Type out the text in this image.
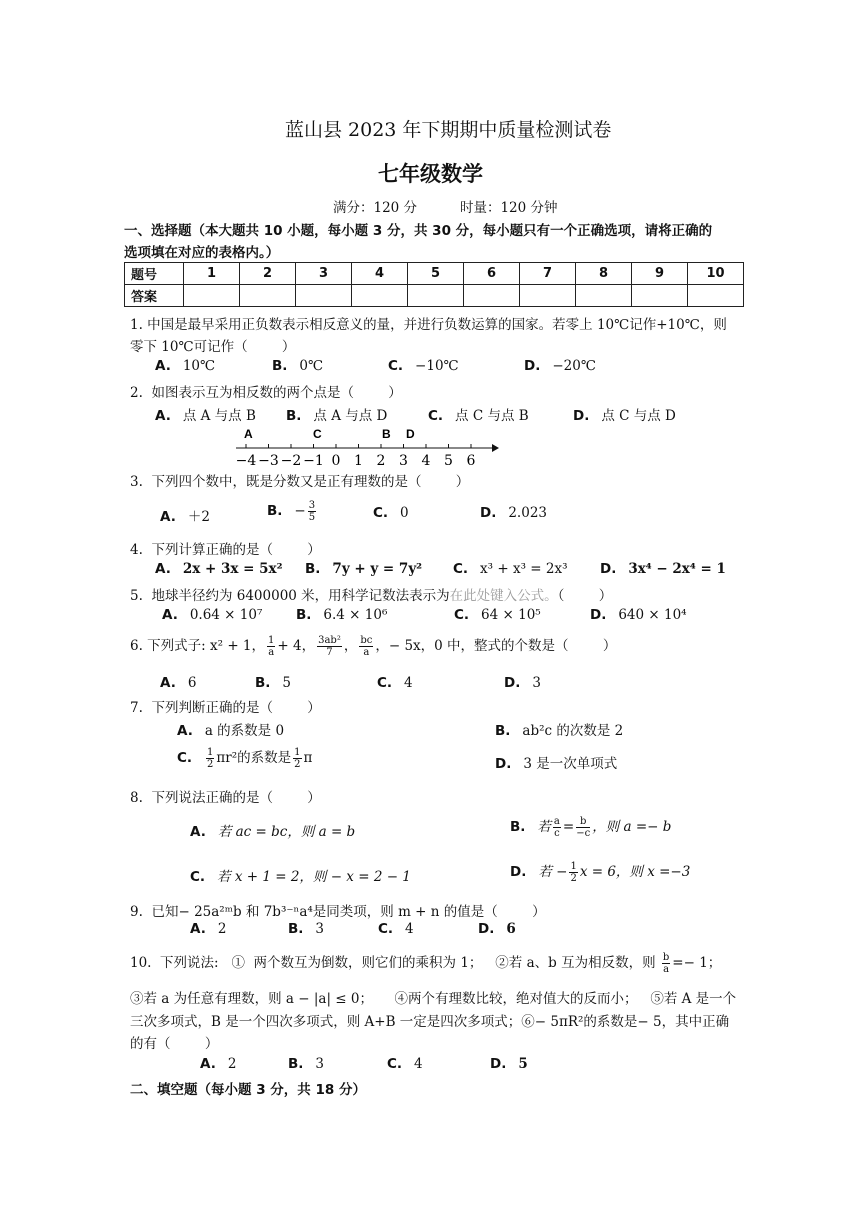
蓝山县 2023 年下期期中质量检测试卷
七年级数学
满分：120 分          时量：120 分钟
一、选择题（本大题共 10 小题，每小题 3 分，共 30 分，每小题只有一个正确选项，请将正确的
选项填在对应的表格内。）
题号	1	2	3	4	5	6	7	8	9	10
答案										
1. 中国是最早采用正负数表示相反意义的量，并进行负数运算的国家。若零上 10℃记作+10℃，则
零下 10℃可记作（        ）
A. 10℃	B. 0℃	C. −10℃	D. −20℃
2.  如图表示互为相反数的两个点是（        ）
A. 点 A 与点 B B. 点 A 与点 D	C. 点 C 与点 B	D. 点 C 与点 D
A	C	B D
−4 −3 −2 −1 0 1 2 3 4 5 6
3.  下列四个数中，既是分数又是正有理数的是（        ）
A. ＋2	B. − $\frac{3}{5}$	C. 0	D. 2.023
4.  下列计算正确的是（        ）
A. 2x + 3x = 5x² B. 7y + y = 7y² C. x³ + x³ = 2x³ D. 3x⁴ − 2x⁴ = 1
5.  地球半径约为 6400000 米，用科学记数法表示为在此处键入公式。（        ）
A. 0.64 × 10⁷ B. 6.4 × 10⁶	C. 64 × 10⁵	D. 640 × 10⁴
6. 下列式子: x² + 1， $\frac{1}{a} + 4$， $\frac{\text{3ab²}}{7}$ ， $\frac{bc}{a}$ ，− 5x，0 中，整式的个数是（        ）
A. 6	B. 5	C. 4	D. 3
7.  下列判断正确的是（        ）
A. a 的系数是 0	B. ab²c 的次数是 2
C. $\frac{1}{2} \pi r^2$的系数是 $\frac{1}{2}$ π	D. 3 是一次单项式
8.  下列说法正确的是（        ）
A. 若 ac = bc，则 a = b	B. 若 $\frac{a}{c} = \frac{b}{-c}$ ，则 a =− b
C. 若 x + 1 = 2，则 − x = 2 − 1	D. 若 − $\frac{1}{2}$ x = 6，则 x =−3
9.  已知− 25a²ᵐb 和 7b³⁻ⁿa⁴是同类项，则 m + n 的值是（        ）
A. 2	B. 3	C. 4	D. 6
10.  下列说法:   ①  两个数互为倒数，则它们的乘积为 1；   ②若 a、b 互为相反数，则 $\frac{b}{a} =- 1$；
③若 a 为任意有理数，则 a − |a| ≤ 0；     ④两个有理数比较，绝对值大的反而小；   ⑤若 A 是一个
三次多项式，B 是一个四次多项式，则 A+B 一定是四次多项式；⑥− 5πR²的系数是− 5，其中正确
的有（        ）
A. 2	B. 3	C. 4	D. 5
二、填空题（每小题 3 分，共 18 分）
